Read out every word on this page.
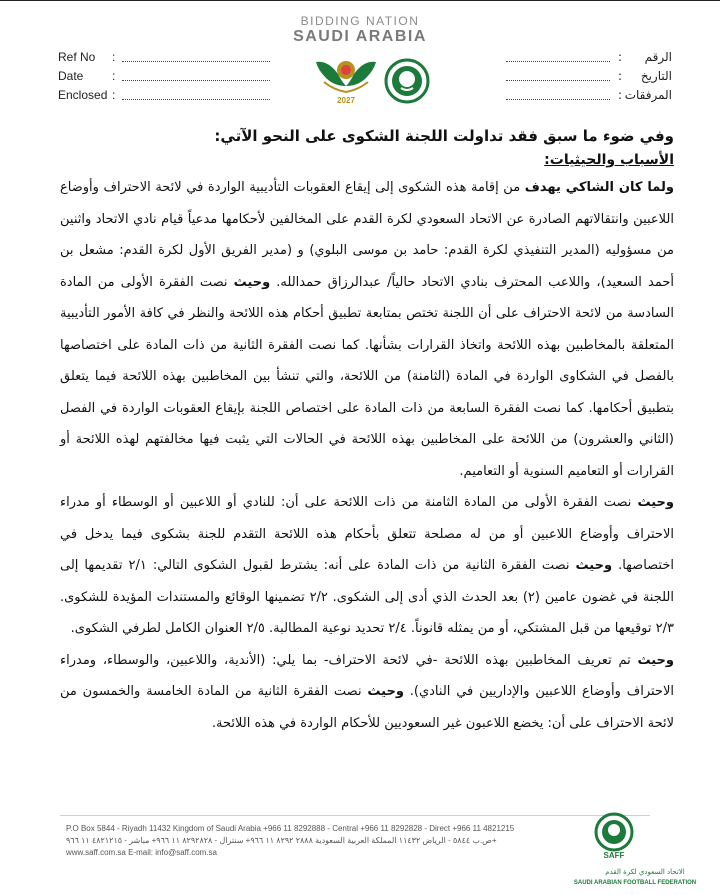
BIDDING NATION
SAUDI ARABIA
2027
Ref No :
Date :
Enclosed :
الرقم:
التاريخ:
المرفقات:

وفي ضوء ما سبق فقد تداولت اللجنة الشكوى على النحو الآتي:

الأسباب والحيثيات:

ولما كان الشاكي يهدف من إقامة هذه الشكوى إلى إيقاع العقوبات التأديبية الواردة في لائحة الاحتراف وأوضاع اللاعبين وانتقالاتهم الصادرة عن الاتحاد السعودي لكرة القدم على المخالفين لأحكامها مدعياً قيام نادي الاتحاد واثنين من مسؤوليه (المدير التنفيذي لكرة القدم: حامد بن موسى البلوي) و (مدير الفريق الأول لكرة القدم: مشعل بن أحمد السعيد)، واللاعب المحترف بنادي الاتحاد حالياً/ عبدالرزاق حمدالله. وحيث نصت الفقرة الأولى من المادة السادسة من لائحة الاحتراف على أن اللجنة تختص بمتابعة تطبيق أحكام هذه اللائحة والنظر في كافة الأمور التأديبية المتعلقة بالمخاطبين بهذه اللائحة واتخاذ القرارات بشأنها. كما نصت الفقرة الثانية من ذات المادة على اختصاصها بالفصل في الشكاوى الواردة في المادة (الثامنة) من اللائحة، والتي تنشأ بين المخاطبين بهذه اللائحة فيما يتعلق بتطبيق أحكامها. كما نصت الفقرة السابعة من ذات المادة على اختصاص اللجنة بإيقاع العقوبات الواردة في الفصل (الثاني والعشرون) من اللائحة على المخاطبين بهذه اللائحة في الحالات التي يثبت فيها مخالفتهم لهذه اللائحة أو القرارات أو التعاميم السنوية أو التعاميم.

وحيث نصت الفقرة الأولى من المادة الثامنة من ذات اللائحة على أن: للنادي أو اللاعبين أو الوسطاء أو مدراء الاحتراف وأوضاع اللاعبين أو من له مصلحة تتعلق بأحكام هذه اللائحة التقدم للجنة بشكوى فيما يدخل في اختصاصها. وحيث نصت الفقرة الثانية من ذات المادة على أنه: يشترط لقبول الشكوى التالي: ٢/١ تقديمها إلى اللجنة في غضون عامين (٢) بعد الحدث الذي أدى إلى الشكوى. ٢/٢ تضمينها الوقائع والمستندات المؤيدة للشكوى. ٢/٣ توقيعها من قبل المشتكي، أو من يمثله قانوناً. ٢/٤ تحديد نوعية المطالبة. ٢/٥ العنوان الكامل لطرفي الشكوى.

وحيث تم تعريف المخاطبين بهذه اللائحة -في لائحة الاحتراف- بما يلي: (الأندية، واللاعبين، والوسطاء، ومدراء الاحتراف وأوضاع اللاعبين والإداريين في النادي). وحيث نصت الفقرة الثانية من المادة الخامسة والخمسون من لائحة الاحتراف على أن: يخضع اللاعبون غير السعوديين للأحكام الواردة في هذه اللائحة.

P.O Box 5844 - Riyadh 11432 Kingdom of Saudi Arabia +966 11 8292888 - Central +966 11 8292828 - Direct +966 11 4821215
ص.ب ٥٨٤٤ - الرياض ١١٤٣٢ المملكة العربية السعودية ٢٨٨٨ ٨٢٩٢ ١١ ٩٦٦+ سنترال - ٨٢٩٢٨٢٨ ١١ ٩٦٦+ مباشر - ٤٨٢١٢١٥ ١١ ٩٦٦+
www.saff.com.sa E-mail: info@saff.com.sa	SAFF
الاتحاد السعودي لكرة القدم
SAUDI ARABIAN FOOTBALL FEDERATION
